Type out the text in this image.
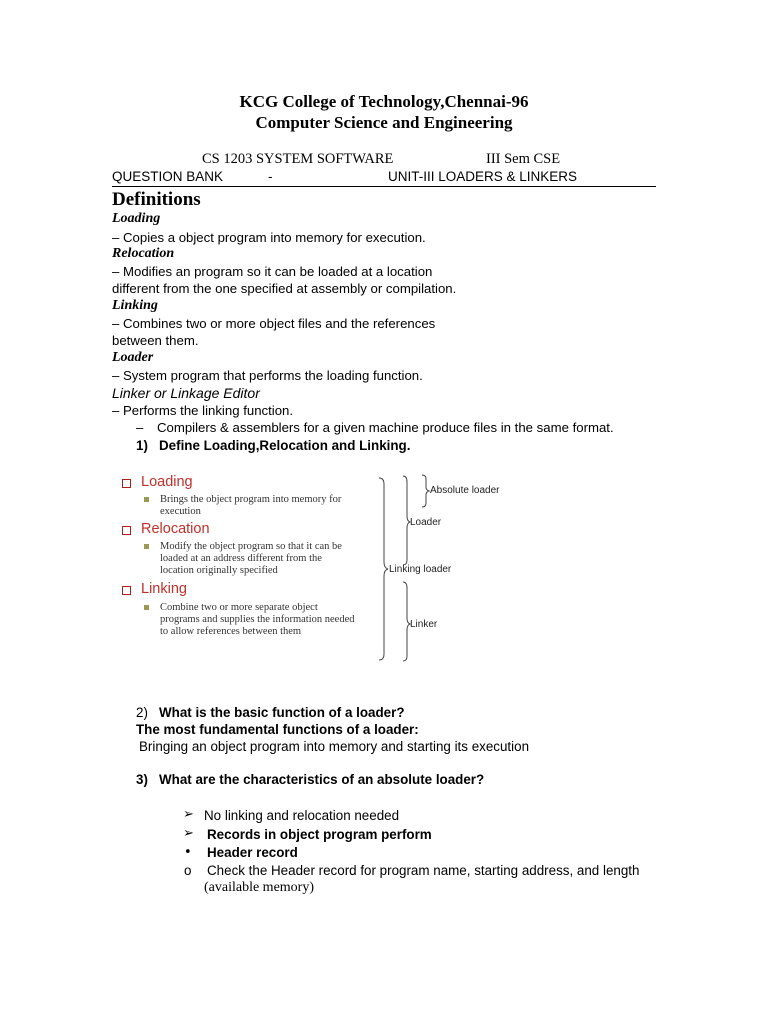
KCG College of Technology,Chennai-96
Computer Science and Engineering
CS 1203 SYSTEM SOFTWARE	III Sem CSE
QUESTION BANK	-	UNIT-III LOADERS & LINKERS
Definitions
Loading
– Copies a object program into memory for execution.
Relocation
– Modifies an program so it can be loaded at a location
different from the one specified at assembly or compilation.
Linking
– Combines two or more object files and the references
between them.
Loader
– System program that performs the loading function.
Linker or Linkage Editor
– Performs the linking function.
– Compilers & assemblers for a given machine produce files in the same format.
1) Define Loading,Relocation and Linking.
Loading
Brings the object program into memory for
execution
Relocation
Modify the object program so that it can be
loaded at an address different from the
location originally specified
Linking
Combine two or more separate object
programs and supplies the information needed
to allow references between them
Absolute loader
Loader
Linking loader
Linker
2) What is the basic function of a loader?
The most fundamental functions of a loader:
Bringing an object program into memory and starting its execution
3) What are the characteristics of an absolute loader?
➢ No linking and relocation needed
➢ Records in object program perform
• Header record
o Check the Header record for program name, starting address, and length
(available memory)
